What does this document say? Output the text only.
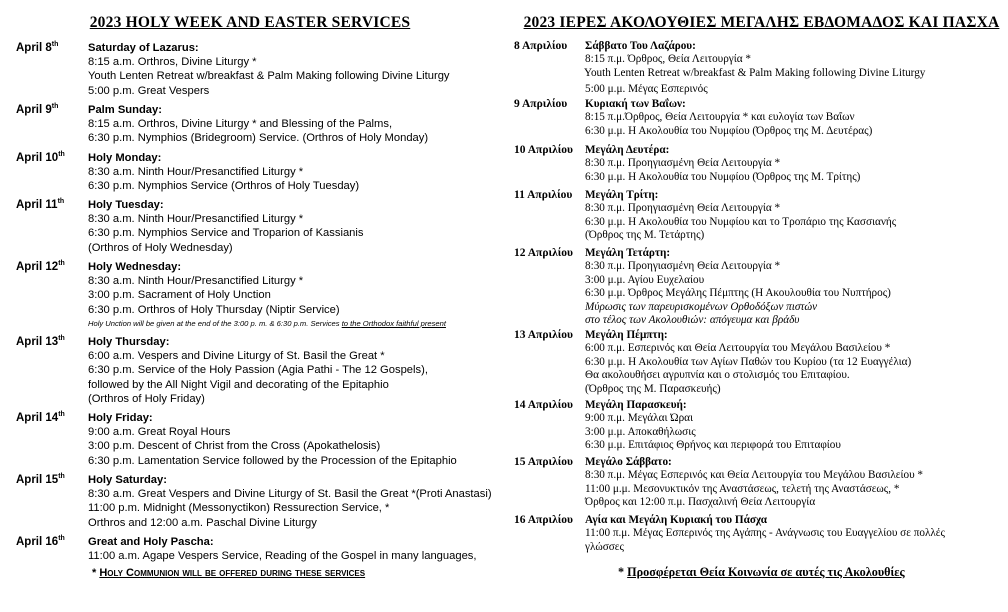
2023 HOLY WEEK AND EASTER SERVICES
April 8th	Saturday of Lazarus:
8:15 a.m. Orthros, Divine Liturgy *
Youth Lenten Retreat w/breakfast & Palm Making following Divine Liturgy
5:00 p.m. Great Vespers
April 9th	Palm Sunday:
8:15 a.m. Orthros, Divine Liturgy * and Blessing of the Palms,
6:30 p.m. Nymphios (Bridegroom) Service. (Orthros of Holy Monday)
April 10th Holy Monday:
8:30 a.m. Ninth Hour/Presanctified Liturgy *
6:30 p.m. Nymphios Service (Orthros of Holy Tuesday)
April 11th Holy Tuesday:
8:30 a.m. Ninth Hour/Presanctified Liturgy *
6:30 p.m. Nymphios Service and Troparion of Kassianis
(Orthros of Holy Wednesday)
April 12th Holy Wednesday:
8:30 a.m. Ninth Hour/Presanctified Liturgy *
3:00 p.m. Sacrament of Holy Unction
6:30 p.m. Orthros of Holy Thursday (Niptir Service)
Holy Unction will be given at the end of the 3:00 p. m. & 6:30 p.m. Services to the Orthodox faithful present
April 13th Holy Thursday:
6:00 a.m. Vespers and Divine Liturgy of St. Basil the Great *
6:30 p.m. Service of the Holy Passion (Agia Pathi - The 12 Gospels),
followed by the All Night Vigil and decorating of the Epitaphio
(Orthros of Holy Friday)
April 14th Holy Friday:
9:00 a.m. Great Royal Hours
3:00 p.m. Descent of Christ from the Cross (Apokathelosis)
6:30 p.m. Lamentation Service followed by the Procession of the Epitaphio
April 15th Holy Saturday:
8:30 a.m. Great Vespers and Divine Liturgy of St. Basil the Great *(Proti Anastasi)
11:00 p.m. Midnight (Messonyctikon) Ressurection Service, *
Orthros and 12:00 a.m. Paschal Divine Liturgy
April 16th Great and Holy Pascha:
11:00 a.m. Agape Vespers Service, Reading of the Gospel in many languages,
* Holy Communion will be offered during these services
2023 ΙΕΡΕΣ ΑΚΟΛΟΥΘΙΕΣ ΜΕΓΑΛΗΣ ΕΒΔΟΜΑΔΟΣ ΚΑΙ ΠΑΣΧΑ
8 Απριλίου Σάββατο Του Λαζάρου:
8:15 π.μ. Όρθρος, Θεία Λειτουργία *
Youth Lenten Retreat w/breakfast & Palm Making following Divine Liturgy
5:00 μ.μ. Μέγας Εσπερινός
9 Απριλίου Κυριακή των Βαΐων:
8:15 π.μ.Όρθρος, Θεία Λειτουργία * και ευλογία των Βαΐων
6:30 μ.μ. Η Ακολουθία του Νυμφίου (Όρθρος της Μ. Δευτέρας)
10 Απριλίου Μεγάλη Δευτέρα:
8:30 π.μ. Προηγιασμένη Θεία Λειτουργία *
6:30 μ.μ. Η Ακολουθία του Νυμφίου (Όρθρος της Μ. Τρίτης)
11 Απριλίου Μεγάλη Τρίτη:
8:30 π.μ. Προηγιασμένη Θεία Λειτουργία *
6:30 μ.μ. Η Ακολουθία του Νυμφίου και το Τροπάριο της Κασσιανής
(Όρθρος της Μ. Τετάρτης)
12 Απριλίου Μεγάλη Τετάρτη:
8:30 π.μ. Προηγιασμένη Θεία Λειτουργία *
3:00 μ.μ. Αγίου Ευχελαίου
6:30 μ.μ. Όρθρος Μεγάλης Πέμπτης (Η Ακουλουθία του Νυπτήρος)
Μύρωσις των παρευρισκομένων Ορθοδόξων πιστών
στο τέλος των Ακολουθιών: απόγευμα και βράδυ
13 Απριλίου Μεγάλη Πέμπτη:
6:00 π.μ. Εσπερινός και Θεία Λειτουργία του Μεγάλου Βασιλείου *
6:30 μ.μ. Η Ακολουθία των Αγίων Παθών του Κυρίου (τα 12 Ευαγγέλια)
Θα ακολουθήσει αγρυπνία και ο στολισμός του Επιταφίου.
(Όρθρος της Μ. Παρασκευής)
14 Απριλίου Μεγάλη Παρασκευή:
9:00 π.μ. Μεγάλαι Ώραι
3:00 μ.μ. Αποκαθήλωσις
6:30 μ.μ. Επιτάφιος Θρήνος και περιφορά του Επιταφίου
15 Απριλίου Μεγάλο Σάββατο:
8:30 π.μ. Μέγας Εσπερινός και Θεία Λειτουργία του Μεγάλου Βασιλείου *
11:00 μ.μ. Μεσονυκτικόν της Αναστάσεως, τελετή της Αναστάσεως, *
Όρθρος και 12:00 π.μ. Πασχαλινή Θεία Λειτουργία
16 Απριλίου Αγία και Μεγάλη Κυριακή του Πάσχα
11:00 π.μ. Μέγας Εσπερινός της Αγάπης - Ανάγνωσις του Ευαγγελίου σε πολλές
γλώσσες
* Προσφέρεται Θεία Κοινωνία σε αυτές τις Ακολουθίες
